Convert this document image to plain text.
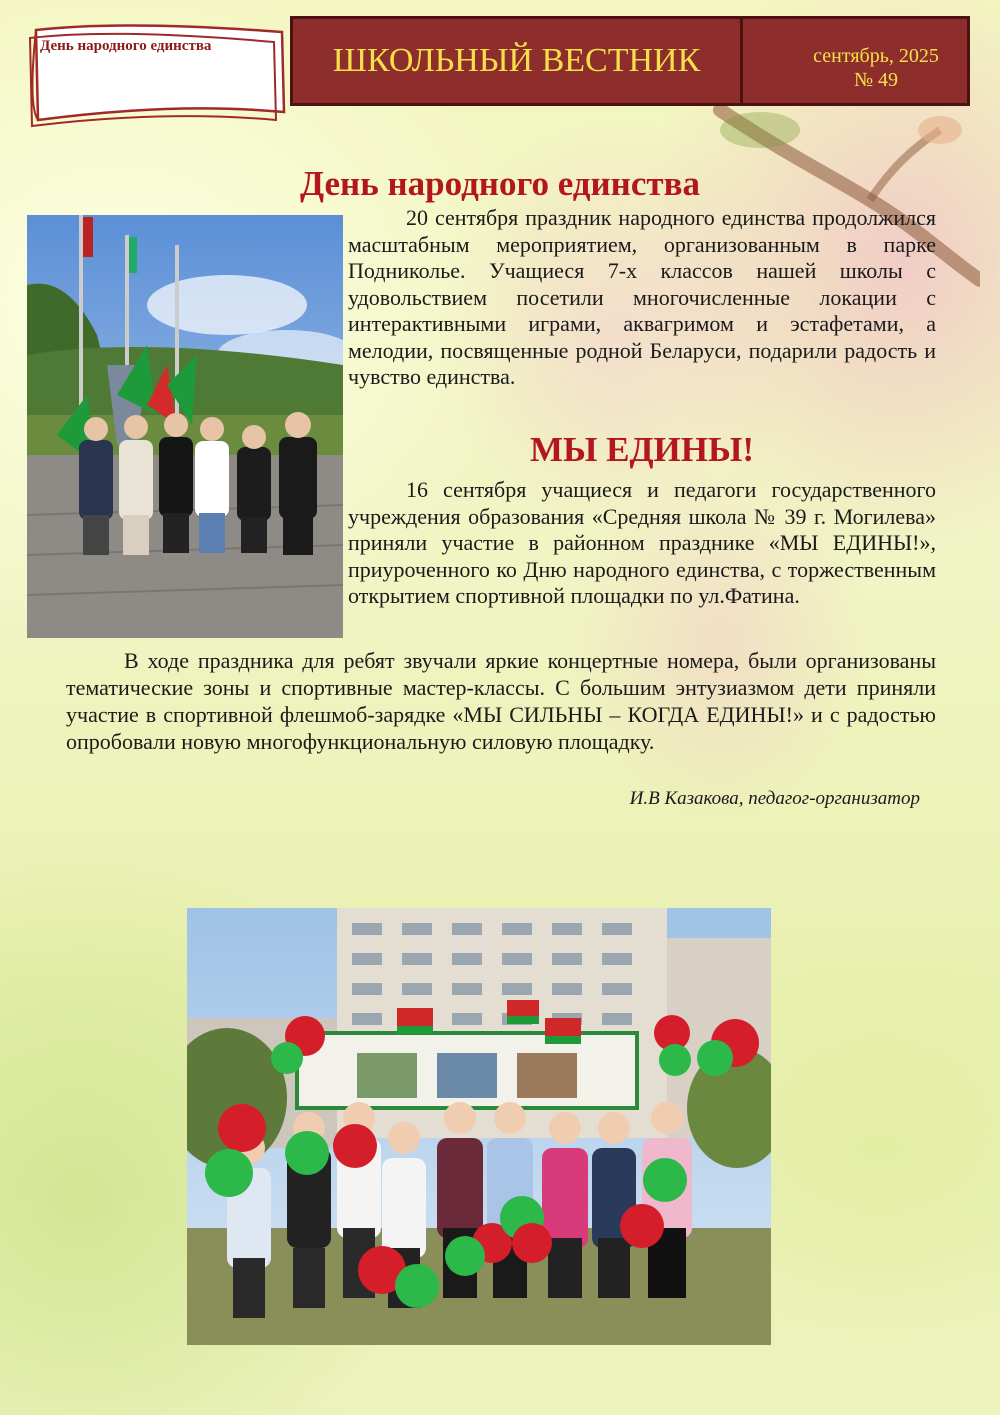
День народного единства	ШКОЛЬНЫЙ ВЕСТНИК	сентябрь, 2025
№ 49
День народного единства

20 сентября праздник народного единства продолжился масштабным мероприятием, организованным в парке Подниколье. Учащиеся 7-х классов нашей школы с удовольствием посетили многочисленные локации с интерактивными играми, аквагримом и эстафетами, а мелодии, посвященные родной Беларуси, подарили радость и чувство единства.

МЫ ЕДИНЫ!

16 сентября учащиеся и педагоги государственного учреждения образования «Средняя школа № 39 г. Могилева» приняли участие в районном празднике «МЫ ЕДИНЫ!», приуроченного ко Дню народного единства, с торжественным открытием спортивной площадки по ул.Фатина.

В ходе праздника для ребят звучали яркие концертные номера, были организованы тематические зоны и спортивные мастер-классы. С большим энтузиазмом дети приняли участие в спортивной флешмоб-зарядке «МЫ СИЛЬНЫ – КОГДА ЕДИНЫ!» и с радостью опробовали новую многофункциональную силовую площадку.

И.В Казакова, педагог-организатор
